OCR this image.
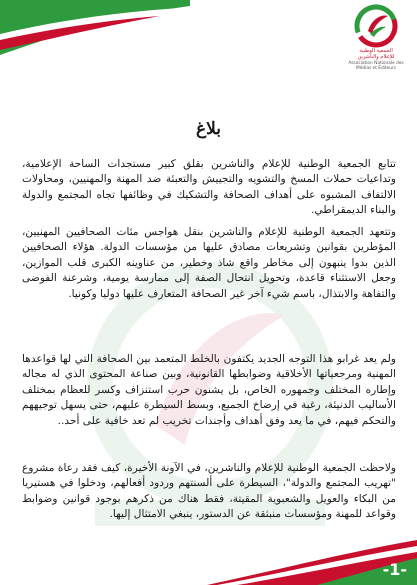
الجمعية الوطنية
للإعلام والناشرين
Association Nationale des Médias et Éditeurs
بلاغ

تتابع الجمعية الوطنية للإعلام والناشرين بقلق كبير مستجدات الساحة الإعلامية، وتداعيات حملات المسخ والتشويه والتجييش والتعبئة ضد المهنة والمهنيين، ومحاولات الالتفاف المشبوه على أهداف الصحافة والتشكيك في وظائفها تجاه المجتمع والدولة والبناء الديمقراطي.

وتتعهد الجمعية الوطنية للإعلام والناشرين بنقل هواجس مئات الصحافيين المهنيين، المؤطرين بقوانين وتشريعات مصادق عليها من مؤسسات الدولة. هؤلاء الصحافيين الذين بدوا ينبهون إلى مخاطر واقع شاذ وخطير، من عناوينه الكبرى قلب الموازين، وجعل الاستثناء قاعدة، وتحويل انتحال الصفة إلى ممارسة يومية، وشرعنة الفوضى والتفاهة والابتذال، باسم شيء آخر غير الصحافة المتعارف عليها دوليا وكونيا.

ولم يعد غرابو هذا التوجه الجديد يكتفون بالخلط المتعمد بين الصحافة التي لها قواعدها المهنية ومرجعياتها الأخلاقية وضوابطها القانونية، وبين صناعة المحتوى الذي له مجاله وإطاره المختلف وجمهوره الخاص، بل يشنون حرب استنزاف وكسر للعظام بمختلف الأساليب الدنيئة، رغبة في إرضاخ الجميع، وبسط السيطرة عليهم، حتى يسهل توجيههم والتحكم فيهم، في ما يعد وفق أهداف وأجندات تخريب لم تعد خافية على أحد..

ولاحظت الجمعية الوطنية للإعلام والناشرين، في الآونة الأخيرة، كيف فقد رعاة مشروع "تهريب المجتمع والدولة"، السيطرة على ألسنتهم وردود أفعالهم، ودخلوا في هستيريا من البكاء والعويل والشعبوية المقيتة، فقط هناك من ذكرهم بوجود قوانين وضوابط وقواعد للمهنة ومؤسسات منبثقة عن الدستور، ينبغي الامتثال إليها.

-1-
